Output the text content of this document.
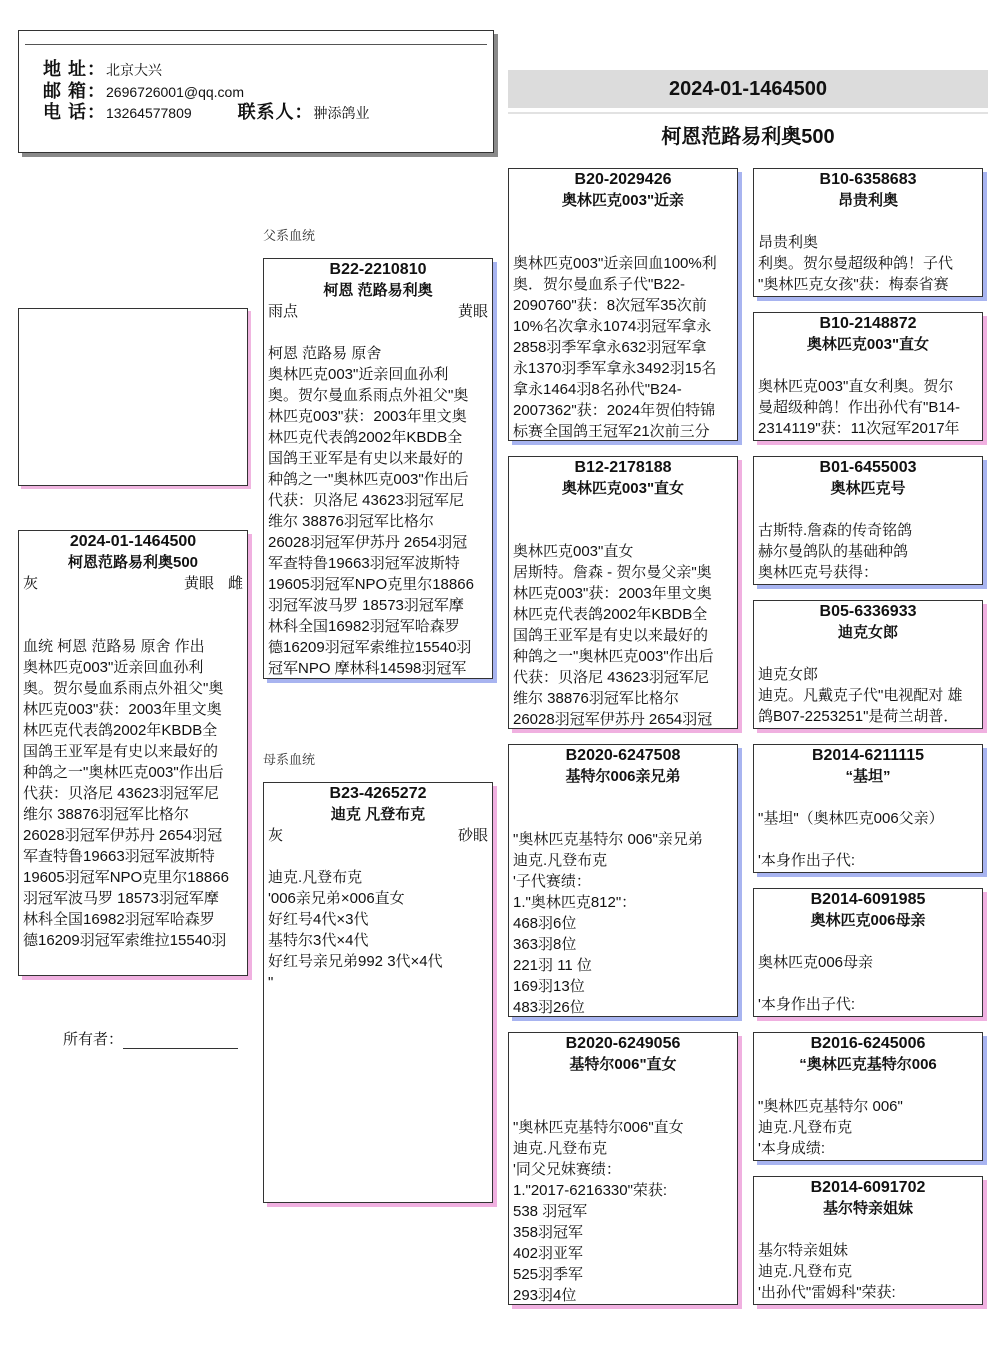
地 址：北京大兴
邮 箱：2696726001@qq.com
电 话：13264577809	联系人：翀添鸽业
2024-01-1464500
柯恩范路易利奥500
父系血统
母系血统
所有者：
2024-01-1464500
柯恩范路易利奥500
灰	黄眼 雌
血统 柯恩 范路易 原舍 作出
奥林匹克003"近亲回血孙利
奥。贺尔曼血系雨点外祖父"奥
林匹克003"获：2003年里文奥
林匹克代表鸽2002年KBDB全
国鸽王亚军是有史以来最好的
种鸽之一"奥林匹克003"作出后
代获：贝洛尼 43623羽冠军尼
维尔 38876羽冠军比格尔
26028羽冠军伊苏丹 2654羽冠
军查特鲁19663羽冠军波斯特
19605羽冠军NPO克里尔18866
羽冠军波马罗 18573羽冠军摩
林科全国16982羽冠军哈森罗
德16209羽冠军索维拉15540羽
B22-2210810
柯恩 范路易利奥
雨点	黄眼
柯恩 范路易 原舍
奥林匹克003"近亲回血孙利
奥。贺尔曼血系雨点外祖父"奥
林匹克003"获：2003年里文奥
林匹克代表鸽2002年KBDB全
国鸽王亚军是有史以来最好的
种鸽之一"奥林匹克003"作出后
代获：贝洛尼 43623羽冠军尼
维尔 38876羽冠军比格尔
26028羽冠军伊苏丹 2654羽冠
军查特鲁19663羽冠军波斯特
19605羽冠军NPO克里尔18866
羽冠军波马罗 18573羽冠军摩
林科全国16982羽冠军哈森罗
德16209羽冠军索维拉15540羽
冠军NPO 摩林科14598羽冠军
B23-4265272
迪克 凡登布克
灰	砂眼
迪克.凡登布克
'006亲兄弟×006直女
好红号4代×3代
基特尔3代×4代
好红号亲兄弟992 3代×4代
"
B20-2029426
奥林匹克003"近亲
奥林匹克003"近亲回血100%利
奥．贺尔曼血系子代"B22-
2090760"获：8次冠军35次前
10%名次拿永1074羽冠军拿永
2858羽季军拿永632羽冠军拿
永1370羽季军拿永3492羽15名
拿永1464羽8名孙代"B24-
2007362"获：2024年贺伯特锦
标赛全国鸽王冠军21次前三分
B12-2178188
奥林匹克003"直女
奥林匹克003"直女
居斯特。詹森 - 贺尔曼父亲"奥
林匹克003"获：2003年里文奥
林匹克代表鸽2002年KBDB全
国鸽王亚军是有史以来最好的
种鸽之一"奥林匹克003"作出后
代获：贝洛尼 43623羽冠军尼
维尔 38876羽冠军比格尔
26028羽冠军伊苏丹 2654羽冠
B2020-6247508
基特尔006亲兄弟
"奥林匹克基特尔 006"亲兄弟
迪克.凡登布克
'子代赛绩：
1."奥林匹克812"：
468羽6位
363羽8位
221羽 11 位
169羽13位
483羽26位
B2020-6249056
基特尔006"直女
"奥林匹克基特尔006"直女
迪克.凡登布克
'同父兄妹赛绩：
1."2017-6216330"荣获:
538 羽冠军
358羽冠军
402羽亚军
525羽季军
293羽4位
B10-6358683
昂贵利奥
昂贵利奥
利奥。贺尔曼超级种鸽！子代
"奥林匹克女孩"获：梅泰省赛
B10-2148872
奥林匹克003"直女
奥林匹克003"直女利奥。贺尔
曼超级种鸽！作出孙代有"B14-
2314119"获：11次冠军2017年
B01-6455003
奥林匹克号
古斯特.詹森的传奇铭鸽
赫尔曼鸽队的基础种鸽
奥林匹克号获得：
B05-6336933
迪克女郎
迪克女郎
迪克。凡戴克子代"电视配对 雄
鸽B07-2253251"是荷兰胡普．
B2014-6211115
“基坦”
"基坦"（奥林匹克006父亲）

'本身作出子代:
B2014-6091985
奥林匹克006母亲
奥林匹克006母亲

'本身作出子代:
B2016-6245006
“奥林匹克基特尔006
"奥林匹克基特尔 006"
迪克.凡登布克
'本身成绩:
B2014-6091702
基尔特亲姐妹
基尔特亲姐妹
迪克.凡登布克
'出孙代"雷姆科"荣获:
